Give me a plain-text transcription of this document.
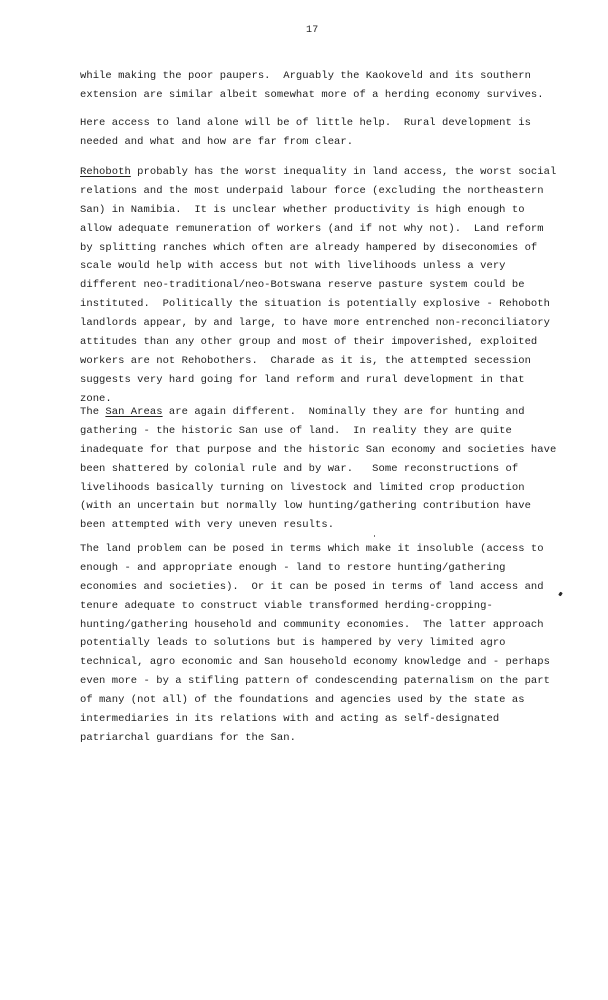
17
while making the poor paupers.  Arguably the Kaokoveld and its southern
extension are similar albeit somewhat more of a herding economy survives.
Here access to land alone will be of little help.  Rural development is
needed and what and how are far from clear.
Rehoboth probably has the worst inequality in land access, the worst social
relations and the most underpaid labour force (excluding the northeastern
San) in Namibia.  It is unclear whether productivity is high enough to
allow adequate remuneration of workers (and if not why not).  Land reform
by splitting ranches which often are already hampered by diseconomies of
scale would help with access but not with livelihoods unless a very
different neo-traditional/neo-Botswana reserve pasture system could be
instituted.  Politically the situation is potentially explosive - Rehoboth
landlords appear, by and large, to have more entrenched non-reconciliatory
attitudes than any other group and most of their impoverished, exploited
workers are not Rehobothers.  Charade as it is, the attempted secession
suggests very hard going for land reform and rural development in that
zone.
The San Areas are again different.  Nominally they are for hunting and
gathering - the historic San use of land.  In reality they are quite
inadequate for that purpose and the historic San economy and societies have
been shattered by colonial rule and by war.   Some reconstructions of
livelihoods basically turning on livestock and limited crop production
(with an uncertain but normally low hunting/gathering contribution have
been attempted with very uneven results.
The land problem can be posed in terms which make it insoluble (access to
enough - and appropriate enough - land to restore hunting/gathering
economies and societies).  Or it can be posed in terms of land access and
tenure adequate to construct viable transformed herding-cropping-
hunting/gathering household and community economies.  The latter approach
potentially leads to solutions but is hampered by very limited agro
technical, agro economic and San household economy knowledge and - perhaps
even more - by a stifling pattern of condescending paternalism on the part
of many (not all) of the foundations and agencies used by the state as
intermediaries in its relations with and acting as self-designated
patriarchal guardians for the San.
